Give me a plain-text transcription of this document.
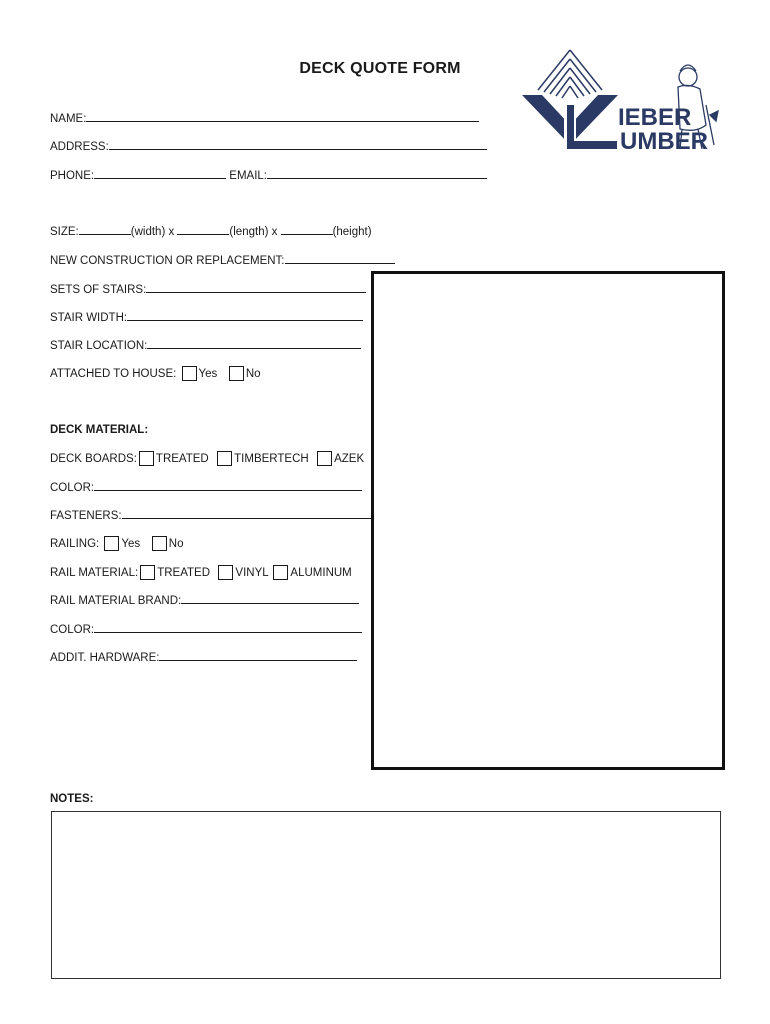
DECK QUOTE FORM
IEBER
UMBER
NAME:
ADDRESS:
PHONE:	EMAIL:
SIZE:	(width) x	(length) x	(height)
NEW CONSTRUCTION OR REPLACEMENT:
SETS OF STAIRS:
STAIR WIDTH:
STAIR LOCATION:
ATTACHED TO HOUSE: Yes No
DECK MATERIAL:
DECK BOARDS: TREATED TIMBERTECH AZEK
COLOR:
FASTENERS:
RAILING: Yes No
RAIL MATERIAL: TREATED VINYL ALUMINUM
RAIL MATERIAL BRAND:
COLOR:
ADDIT. HARDWARE:
NOTES:
